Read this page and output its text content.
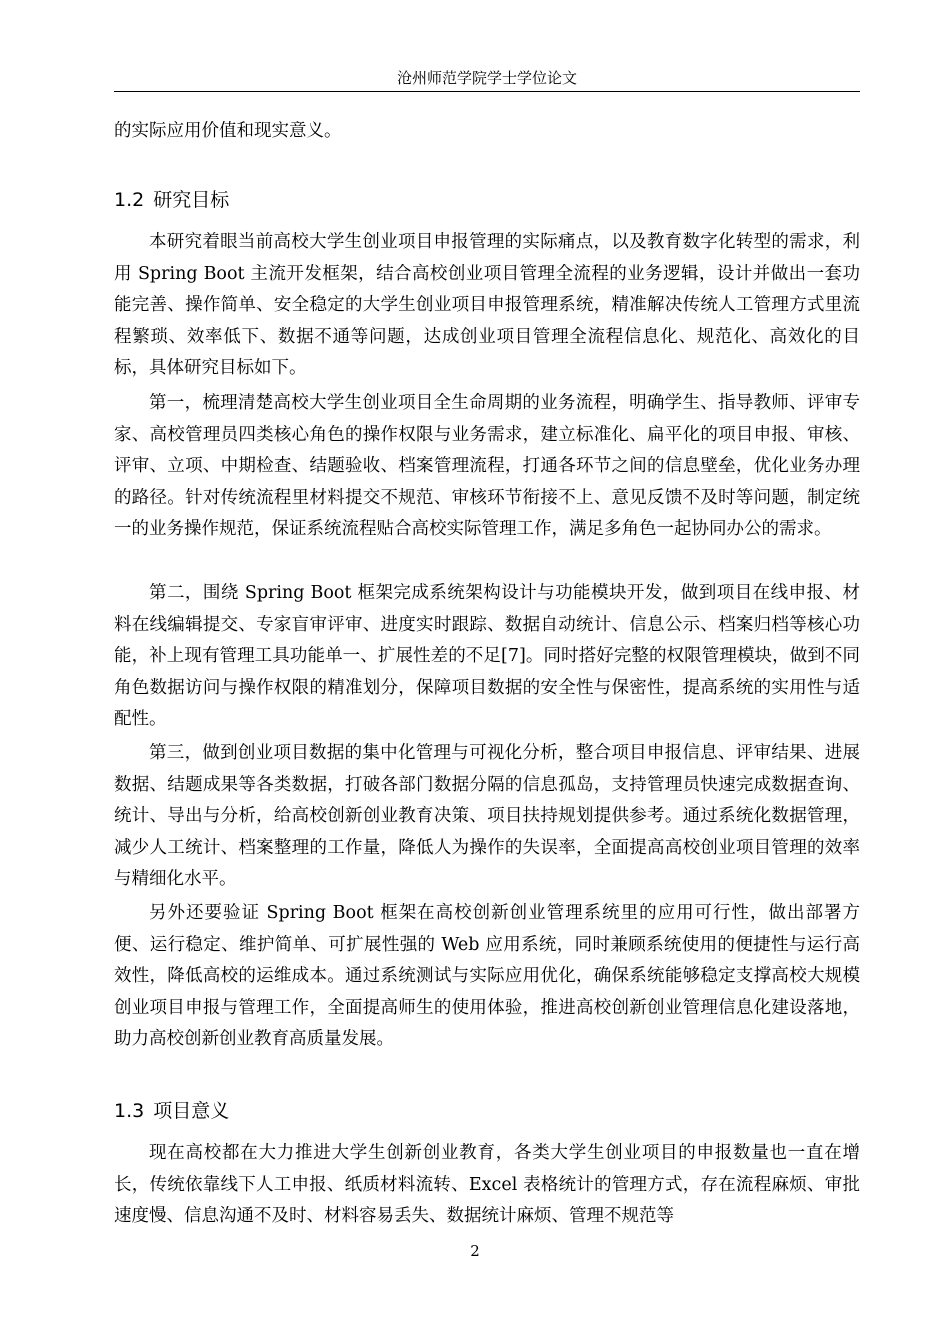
沧州师范学院学士学位论文

的实际应用价值和现实意义。

1.2 研究目标

本研究着眼当前高校大学生创业项目申报管理的实际痛点，以及教育数字化转型的需求，利用 Spring Boot 主流开发框架，结合高校创业项目管理全流程的业务逻辑，设计并做出一套功能完善、操作简单、安全稳定的大学生创业项目申报管理系统，精准解决传统人工管理方式里流程繁琐、效率低下、数据不通等问题，达成创业项目管理全流程信息化、规范化、高效化的目标，具体研究目标如下。

第一，梳理清楚高校大学生创业项目全生命周期的业务流程，明确学生、指导教师、评审专家、高校管理员四类核心角色的操作权限与业务需求，建立标准化、扁平化的项目申报、审核、评审、立项、中期检查、结题验收、档案管理流程，打通各环节之间的信息壁垒，优化业务办理的路径。针对传统流程里材料提交不规范、审核环节衔接不上、意见反馈不及时等问题，制定统一的业务操作规范，保证系统流程贴合高校实际管理工作，满足多角色一起协同办公的需求。

第二，围绕 Spring Boot 框架完成系统架构设计与功能模块开发，做到项目在线申报、材料在线编辑提交、专家盲审评审、进度实时跟踪、数据自动统计、信息公示、档案归档等核心功能，补上现有管理工具功能单一、扩展性差的不足[7]。同时搭好完整的权限管理模块，做到不同角色数据访问与操作权限的精准划分，保障项目数据的安全性与保密性，提高系统的实用性与适配性。

第三，做到创业项目数据的集中化管理与可视化分析，整合项目申报信息、评审结果、进展数据、结题成果等各类数据，打破各部门数据分隔的信息孤岛，支持管理员快速完成数据查询、统计、导出与分析，给高校创新创业教育决策、项目扶持规划提供参考。通过系统化数据管理，减少人工统计、档案整理的工作量，降低人为操作的失误率，全面提高高校创业项目管理的效率与精细化水平。

另外还要验证 Spring Boot 框架在高校创新创业管理系统里的应用可行性，做出部署方便、运行稳定、维护简单、可扩展性强的 Web 应用系统，同时兼顾系统使用的便捷性与运行高效性，降低高校的运维成本。通过系统测试与实际应用优化，确保系统能够稳定支撑高校大规模创业项目申报与管理工作，全面提高师生的使用体验，推进高校创新创业管理信息化建设落地，助力高校创新创业教育高质量发展。

1.3 项目意义

现在高校都在大力推进大学生创新创业教育，各类大学生创业项目的申报数量也一直在增长，传统依靠线下人工申报、纸质材料流转、Excel 表格统计的管理方式，存在流程麻烦、审批速度慢、信息沟通不及时、材料容易丢失、数据统计麻烦、管理不规范等

2
